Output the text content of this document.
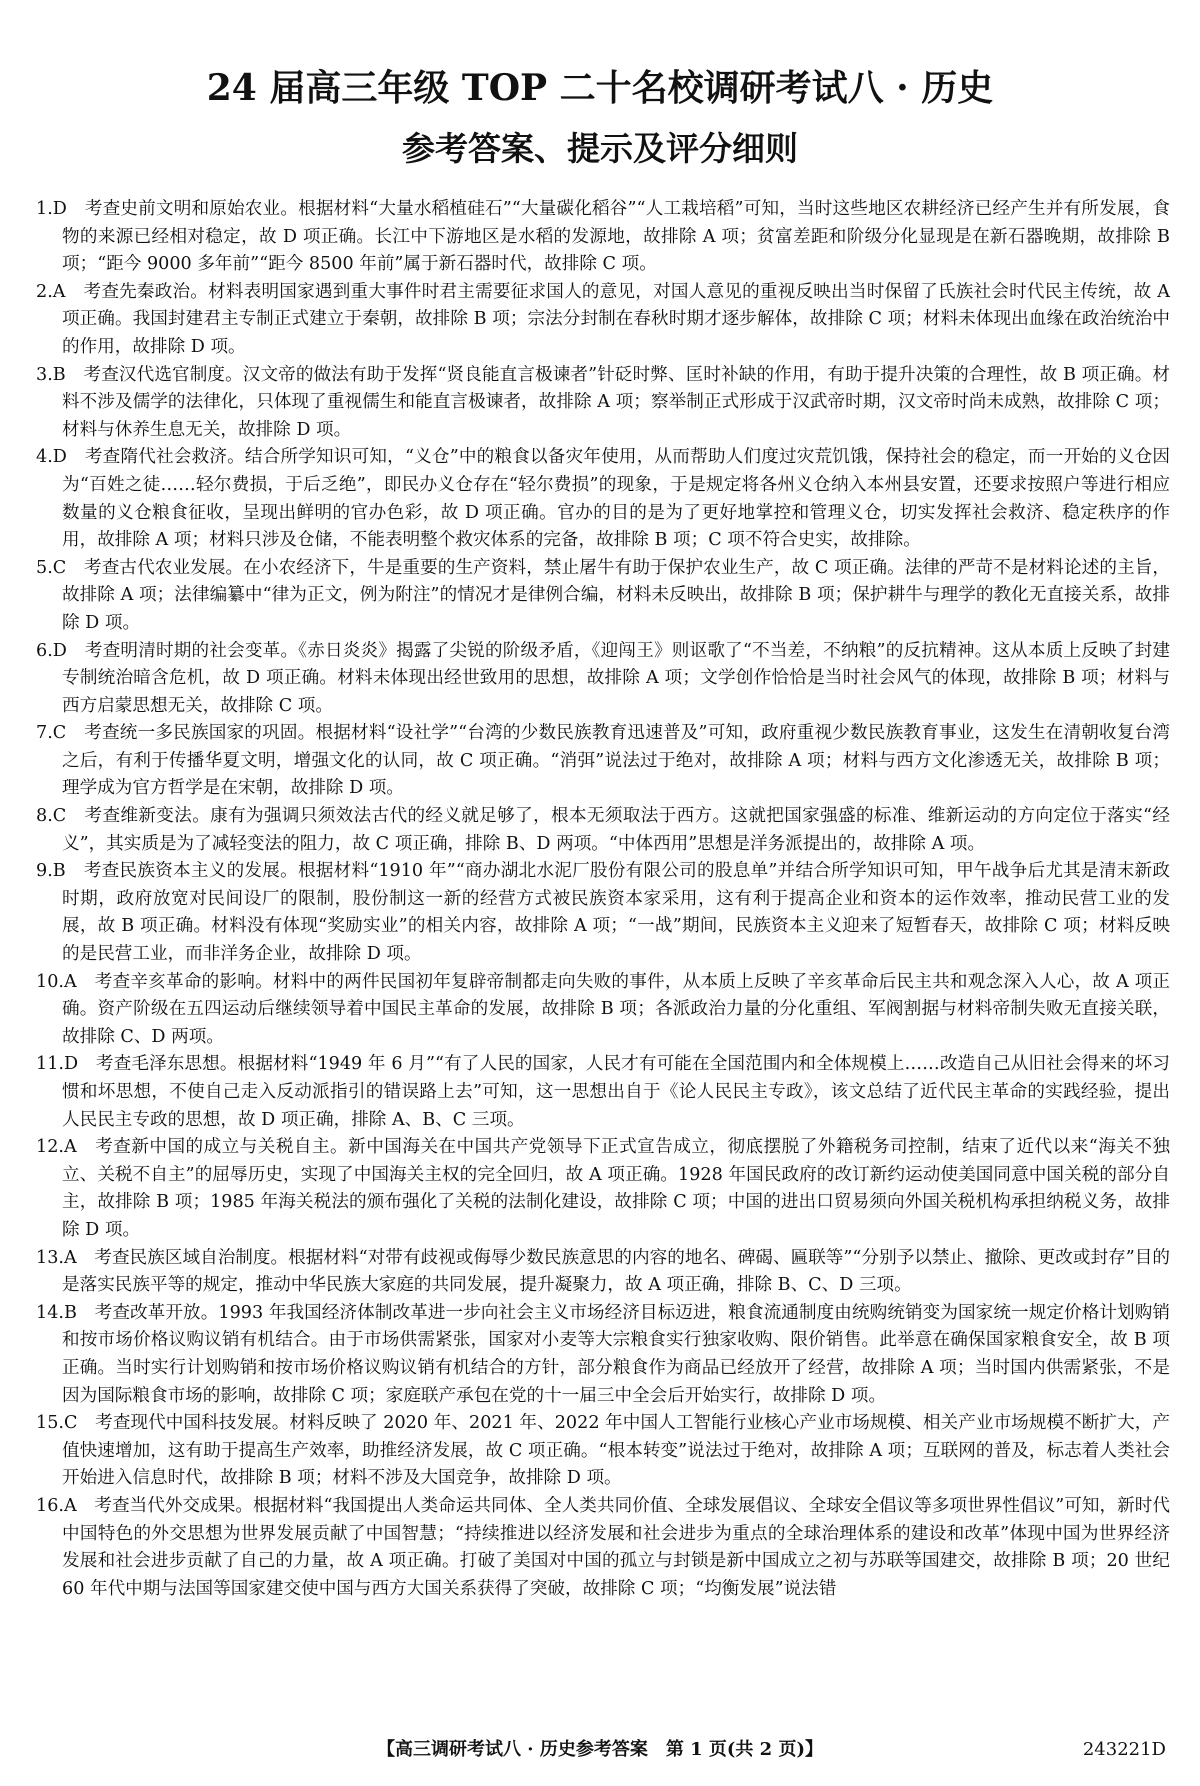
24 届高三年级 TOP 二十名校调研考试八 · 历史
参考答案、提示及评分细则

1.D　 考查史前文明和原始农业。根据材料“大量水稻植硅石”“大量碳化稻谷”“人工栽培稻”可知，当时这些地区农耕经济已经产生并有所发展，食物的来源已经相对稳定，故 D 项正确。长江中下游地区是水稻的发源地，故排除 A 项；贫富差距和阶级分化显现是在新石器晚期，故排除 B 项；“距今 9000 多年前”“距今 8500 年前”属于新石器时代，故排除 C 项。

2.A　 考查先秦政治。材料表明国家遇到重大事件时君主需要征求国人的意见，对国人意见的重视反映出当时保留了氏族社会时代民主传统，故 A 项正确。我国封建君主专制正式建立于秦朝，故排除 B 项；宗法分封制在春秋时期才逐步解体，故排除 C 项；材料未体现出血缘在政治统治中的作用，故排除 D 项。

3.B　 考查汉代选官制度。汉文帝的做法有助于发挥“贤良能直言极谏者”针砭时弊、匡时补缺的作用，有助于提升决策的合理性，故 B 项正确。材料不涉及儒学的法律化，只体现了重视儒生和能直言极谏者，故排除 A 项；察举制正式形成于汉武帝时期，汉文帝时尚未成熟，故排除 C 项；材料与休养生息无关，故排除 D 项。

4.D　 考查隋代社会救济。结合所学知识可知，“义仓”中的粮食以备灾年使用，从而帮助人们度过灾荒饥饿，保持社会的稳定，而一开始的义仓因为“百姓之徒……轻尔费损，于后乏绝”，即民办义仓存在“轻尔费损”的现象，于是规定将各州义仓纳入本州县安置，还要求按照户等进行相应数量的义仓粮食征收，呈现出鲜明的官办色彩，故 D 项正确。官办的目的是为了更好地掌控和管理义仓，切实发挥社会救济、稳定秩序的作用，故排除 A 项；材料只涉及仓储，不能表明整个救灾体系的完备，故排除 B 项；C 项不符合史实，故排除。

5.C　 考查古代农业发展。在小农经济下，牛是重要的生产资料，禁止屠牛有助于保护农业生产，故 C 项正确。法律的严苛不是材料论述的主旨，故排除 A 项；法律编纂中“律为正文，例为附注”的情况才是律例合编，材料未反映出，故排除 B 项；保护耕牛与理学的教化无直接关系，故排除 D 项。

6.D　 考查明清时期的社会变革。《赤日炎炎》揭露了尖锐的阶级矛盾，《迎闯王》则讴歌了“不当差，不纳粮”的反抗精神。这从本质上反映了封建专制统治暗含危机，故 D 项正确。材料未体现出经世致用的思想，故排除 A 项；文学创作恰恰是当时社会风气的体现，故排除 B 项；材料与西方启蒙思想无关，故排除 C 项。

7.C　 考查统一多民族国家的巩固。根据材料“设社学”“台湾的少数民族教育迅速普及”可知，政府重视少数民族教育事业，这发生在清朝收复台湾之后，有利于传播华夏文明，增强文化的认同，故 C 项正确。“消弭”说法过于绝对，故排除 A 项；材料与西方文化渗透无关，故排除 B 项；理学成为官方哲学是在宋朝，故排除 D 项。

8.C　 考查维新变法。康有为强调只须效法古代的经义就足够了，根本无须取法于西方。这就把国家强盛的标准、维新运动的方向定位于落实“经义”，其实质是为了减轻变法的阻力，故 C 项正确，排除 B、D 两项。“中体西用”思想是洋务派提出的，故排除 A 项。

9.B　 考查民族资本主义的发展。根据材料“1910 年”“商办湖北水泥厂股份有限公司的股息单”并结合所学知识可知，甲午战争后尤其是清末新政时期，政府放宽对民间设厂的限制，股份制这一新的经营方式被民族资本家采用，这有利于提高企业和资本的运作效率，推动民营工业的发展，故 B 项正确。材料没有体现“奖励实业”的相关内容，故排除 A 项；“一战”期间，民族资本主义迎来了短暂春天，故排除 C 项；材料反映的是民营工业，而非洋务企业，故排除 D 项。

10.A　 考查辛亥革命的影响。材料中的两件民国初年复辟帝制都走向失败的事件，从本质上反映了辛亥革命后民主共和观念深入人心，故 A 项正确。资产阶级在五四运动后继续领导着中国民主革命的发展，故排除 B 项；各派政治力量的分化重组、军阀割据与材料帝制失败无直接关联，故排除 C、D 两项。

11.D　 考查毛泽东思想。根据材料“1949 年 6 月”“有了人民的国家，人民才有可能在全国范围内和全体规模上……改造自己从旧社会得来的坏习惯和坏思想，不使自己走入反动派指引的错误路上去”可知，这一思想出自于《论人民民主专政》，该文总结了近代民主革命的实践经验，提出人民民主专政的思想，故 D 项正确，排除 A、B、C 三项。

12.A　 考查新中国的成立与关税自主。新中国海关在中国共产党领导下正式宣告成立，彻底摆脱了外籍税务司控制，结束了近代以来“海关不独立、关税不自主”的屈辱历史，实现了中国海关主权的完全回归，故 A 项正确。1928 年国民政府的改订新约运动使美国同意中国关税的部分自主，故排除 B 项；1985 年海关税法的颁布强化了关税的法制化建设，故排除 C 项；中国的进出口贸易须向外国关税机构承担纳税义务，故排除 D 项。

13.A　 考查民族区域自治制度。根据材料“对带有歧视或侮辱少数民族意思的内容的地名、碑碣、匾联等”“分别予以禁止、撤除、更改或封存”目的是落实民族平等的规定，推动中华民族大家庭的共同发展，提升凝聚力，故 A 项正确，排除 B、C、D 三项。

14.B　 考查改革开放。1993 年我国经济体制改革进一步向社会主义市场经济目标迈进，粮食流通制度由统购统销变为国家统一规定价格计划购销和按市场价格议购议销有机结合。由于市场供需紧张，国家对小麦等大宗粮食实行独家收购、限价销售。此举意在确保国家粮食安全，故 B 项正确。当时实行计划购销和按市场价格议购议销有机结合的方针，部分粮食作为商品已经放开了经营，故排除 A 项；当时国内供需紧张，不是因为国际粮食市场的影响，故排除 C 项；家庭联产承包在党的十一届三中全会后开始实行，故排除 D 项。

15.C　 考查现代中国科技发展。材料反映了 2020 年、2021 年、2022 年中国人工智能行业核心产业市场规模、相关产业市场规模不断扩大，产值快速增加，这有助于提高生产效率，助推经济发展，故 C 项正确。“根本转变”说法过于绝对，故排除 A 项；互联网的普及，标志着人类社会开始进入信息时代，故排除 B 项；材料不涉及大国竞争，故排除 D 项。

16.A　 考查当代外交成果。根据材料“我国提出人类命运共同体、全人类共同价值、全球发展倡议、全球安全倡议等多项世界性倡议”可知，新时代中国特色的外交思想为世界发展贡献了中国智慧；“持续推进以经济发展和社会进步为重点的全球治理体系的建设和改革”体现中国为世界经济发展和社会进步贡献了自己的力量，故 A 项正确。打破了美国对中国的孤立与封锁是新中国成立之初与苏联等国建交，故排除 B 项；20 世纪 60 年代中期与法国等国家建交使中国与西方大国关系获得了突破，故排除 C 项；“均衡发展”说法错

【高三调研考试八 · 历史参考答案　第 1 页(共 2 页)】	243221D
